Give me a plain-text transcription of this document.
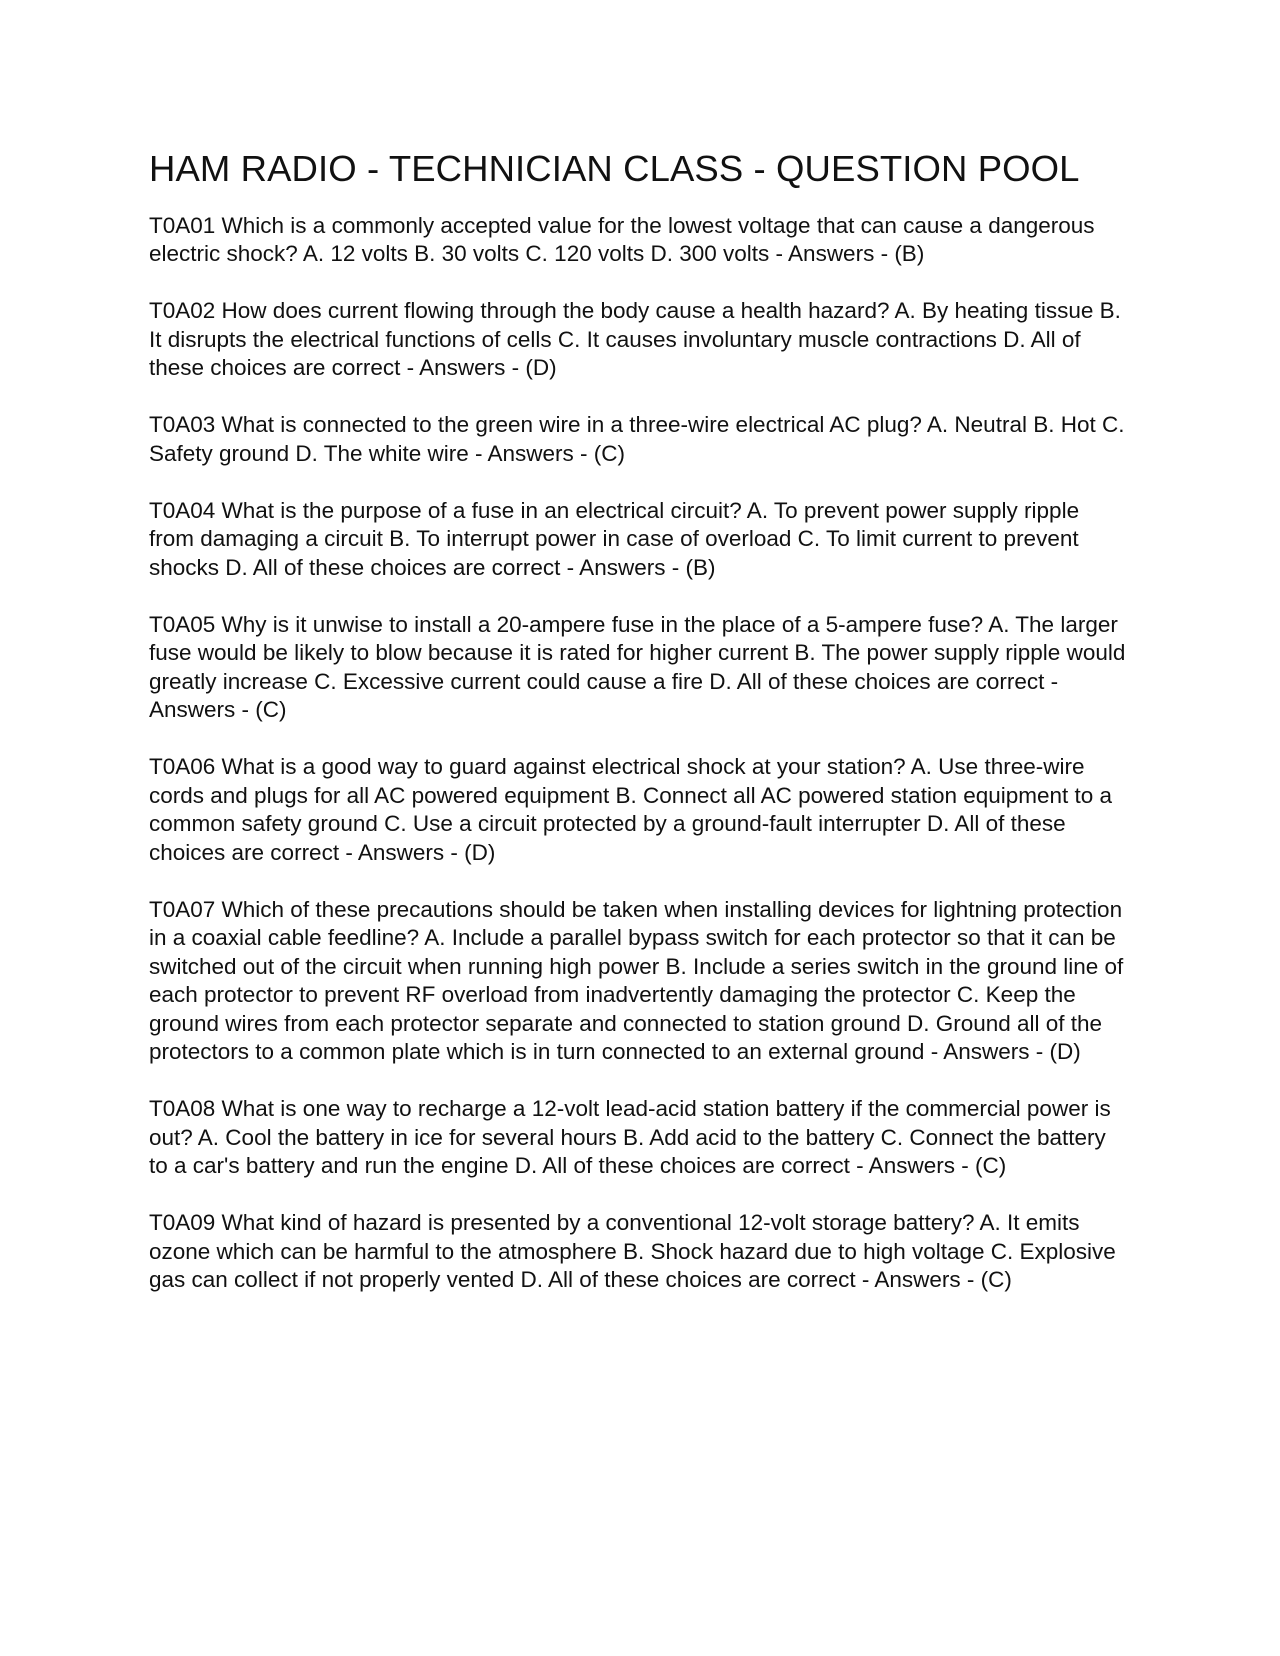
HAM RADIO - TECHNICIAN CLASS - QUESTION POOL

T0A01 Which is a commonly accepted value for the lowest voltage that can cause a dangerous electric shock? A. 12 volts B. 30 volts C. 120 volts D. 300 volts - Answers - (B)

T0A02 How does current flowing through the body cause a health hazard? A. By heating tissue B. It disrupts the electrical functions of cells C. It causes involuntary muscle contractions D. All of these choices are correct - Answers - (D)

T0A03 What is connected to the green wire in a three-wire electrical AC plug? A. Neutral B. Hot C. Safety ground D. The white wire - Answers - (C)

T0A04 What is the purpose of a fuse in an electrical circuit? A. To prevent power supply ripple from damaging a circuit B. To interrupt power in case of overload C. To limit current to prevent shocks D. All of these choices are correct - Answers - (B)

T0A05 Why is it unwise to install a 20-ampere fuse in the place of a 5-ampere fuse? A. The larger fuse would be likely to blow because it is rated for higher current B. The power supply ripple would greatly increase C. Excessive current could cause a fire D. All of these choices are correct - Answers - (C)

T0A06 What is a good way to guard against electrical shock at your station? A. Use three-wire cords and plugs for all AC powered equipment B. Connect all AC powered station equipment to a common safety ground C. Use a circuit protected by a ground-fault interrupter D. All of these choices are correct - Answers - (D)

T0A07 Which of these precautions should be taken when installing devices for lightning protection in a coaxial cable feedline? A. Include a parallel bypass switch for each protector so that it can be switched out of the circuit when running high power B. Include a series switch in the ground line of each protector to prevent RF overload from inadvertently damaging the protector C. Keep the ground wires from each protector separate and connected to station ground D. Ground all of the protectors to a common plate which is in turn connected to an external ground - Answers - (D)

T0A08 What is one way to recharge a 12-volt lead-acid station battery if the commercial power is out? A. Cool the battery in ice for several hours B. Add acid to the battery C. Connect the battery to a car's battery and run the engine D. All of these choices are correct - Answers - (C)

T0A09 What kind of hazard is presented by a conventional 12-volt storage battery? A. It emits ozone which can be harmful to the atmosphere B. Shock hazard due to high voltage C. Explosive gas can collect if not properly vented D. All of these choices are correct - Answers - (C)
